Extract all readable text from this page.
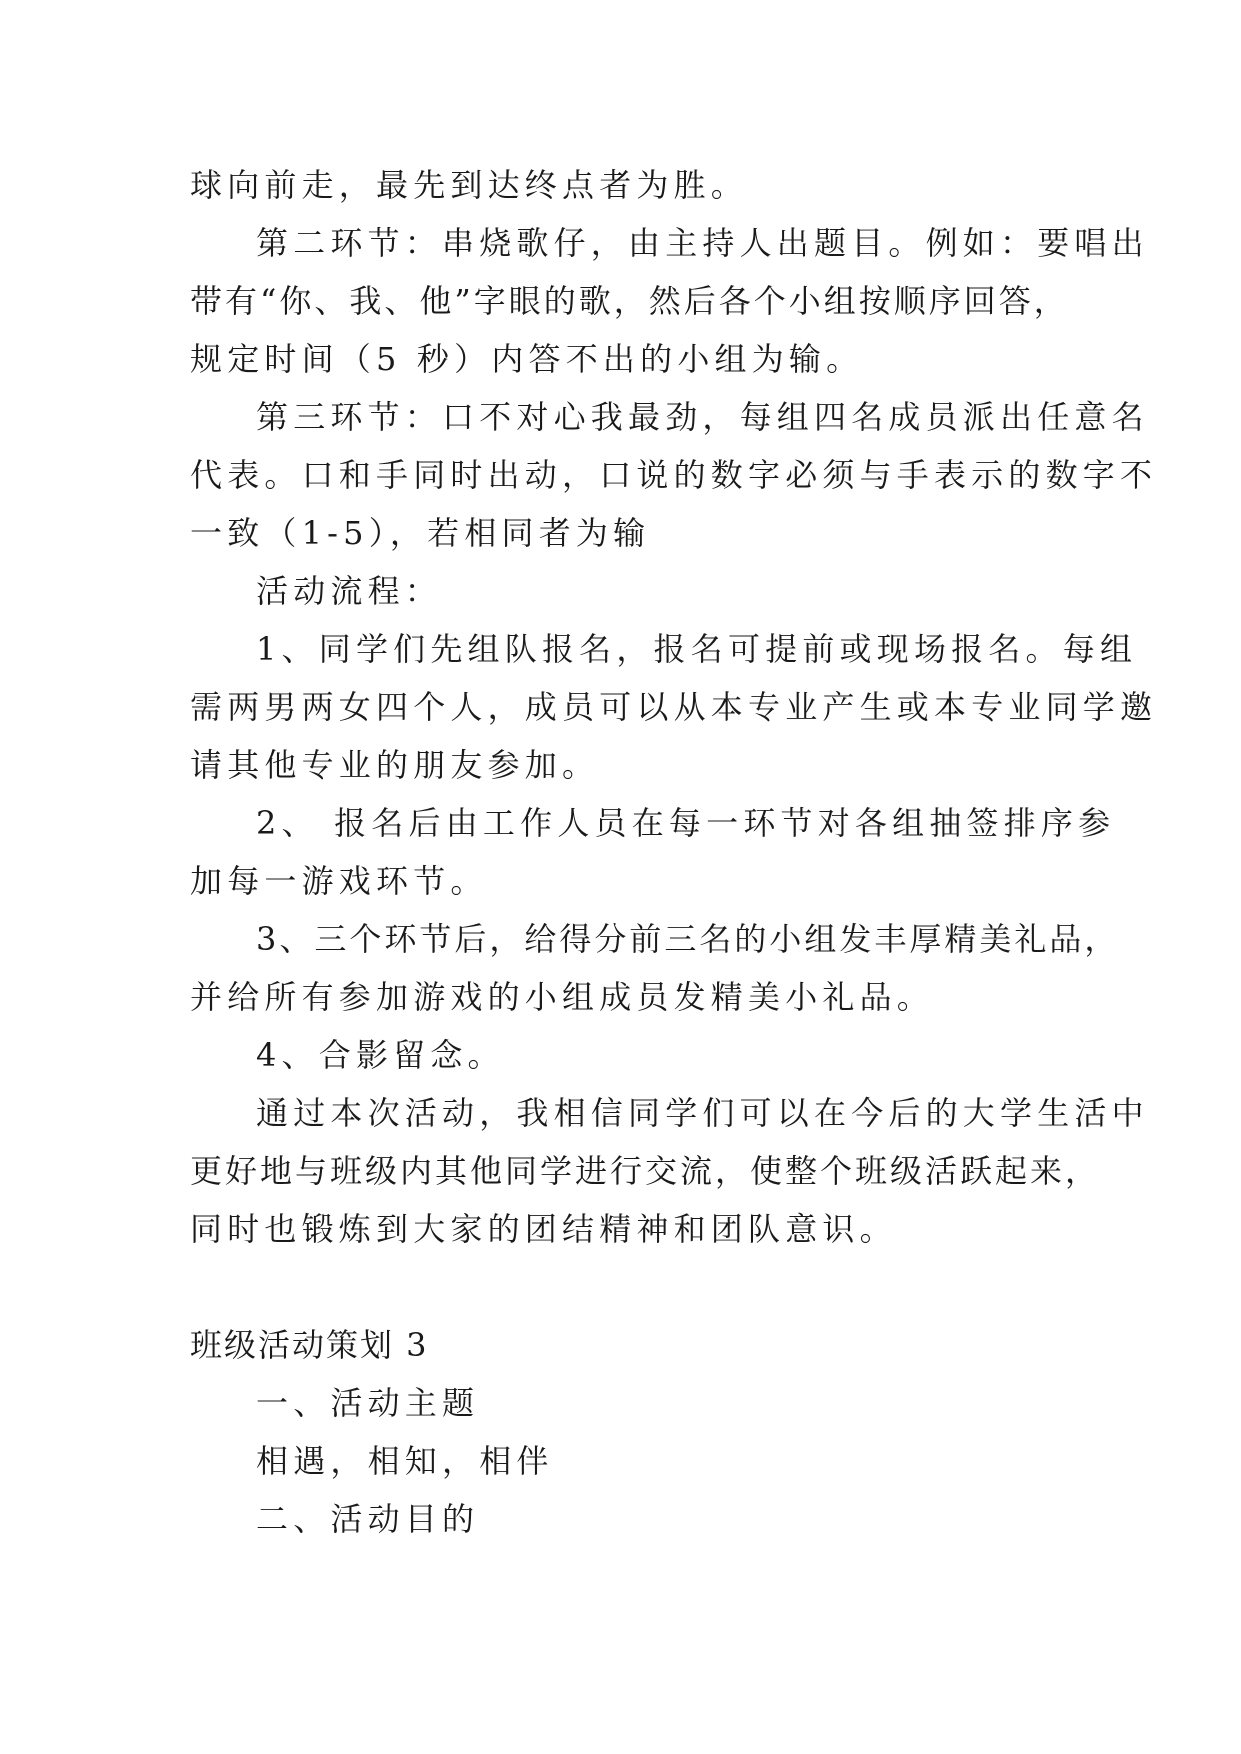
球向前走，最先到达终点者为胜。
第二环节：串烧歌仔，由主持人出题目。例如：要唱出
带有“你、我、他”字眼的歌，然后各个小组按顺序回答，
规定时间（5 秒）内答不出的小组为输。
第三环节：口不对心我最劲，每组四名成员派出任意名
代表。口和手同时出动，口说的数字必须与手表示的数字不
一致（1-5），若相同者为输
活动流程：
1、同学们先组队报名，报名可提前或现场报名。每组
需两男两女四个人，成员可以从本专业产生或本专业同学邀
请其他专业的朋友参加。
2、 报名后由工作人员在每一环节对各组抽签排序参
加每一游戏环节。
3、三个环节后，给得分前三名的小组发丰厚精美礼品，
并给所有参加游戏的小组成员发精美小礼品。
4、合影留念。
通过本次活动，我相信同学们可以在今后的大学生活中
更好地与班级内其他同学进行交流，使整个班级活跃起来，
同时也锻炼到大家的团结精神和团队意识。
班级活动策划 3
一、活动主题
相遇，相知，相伴
二、活动目的
